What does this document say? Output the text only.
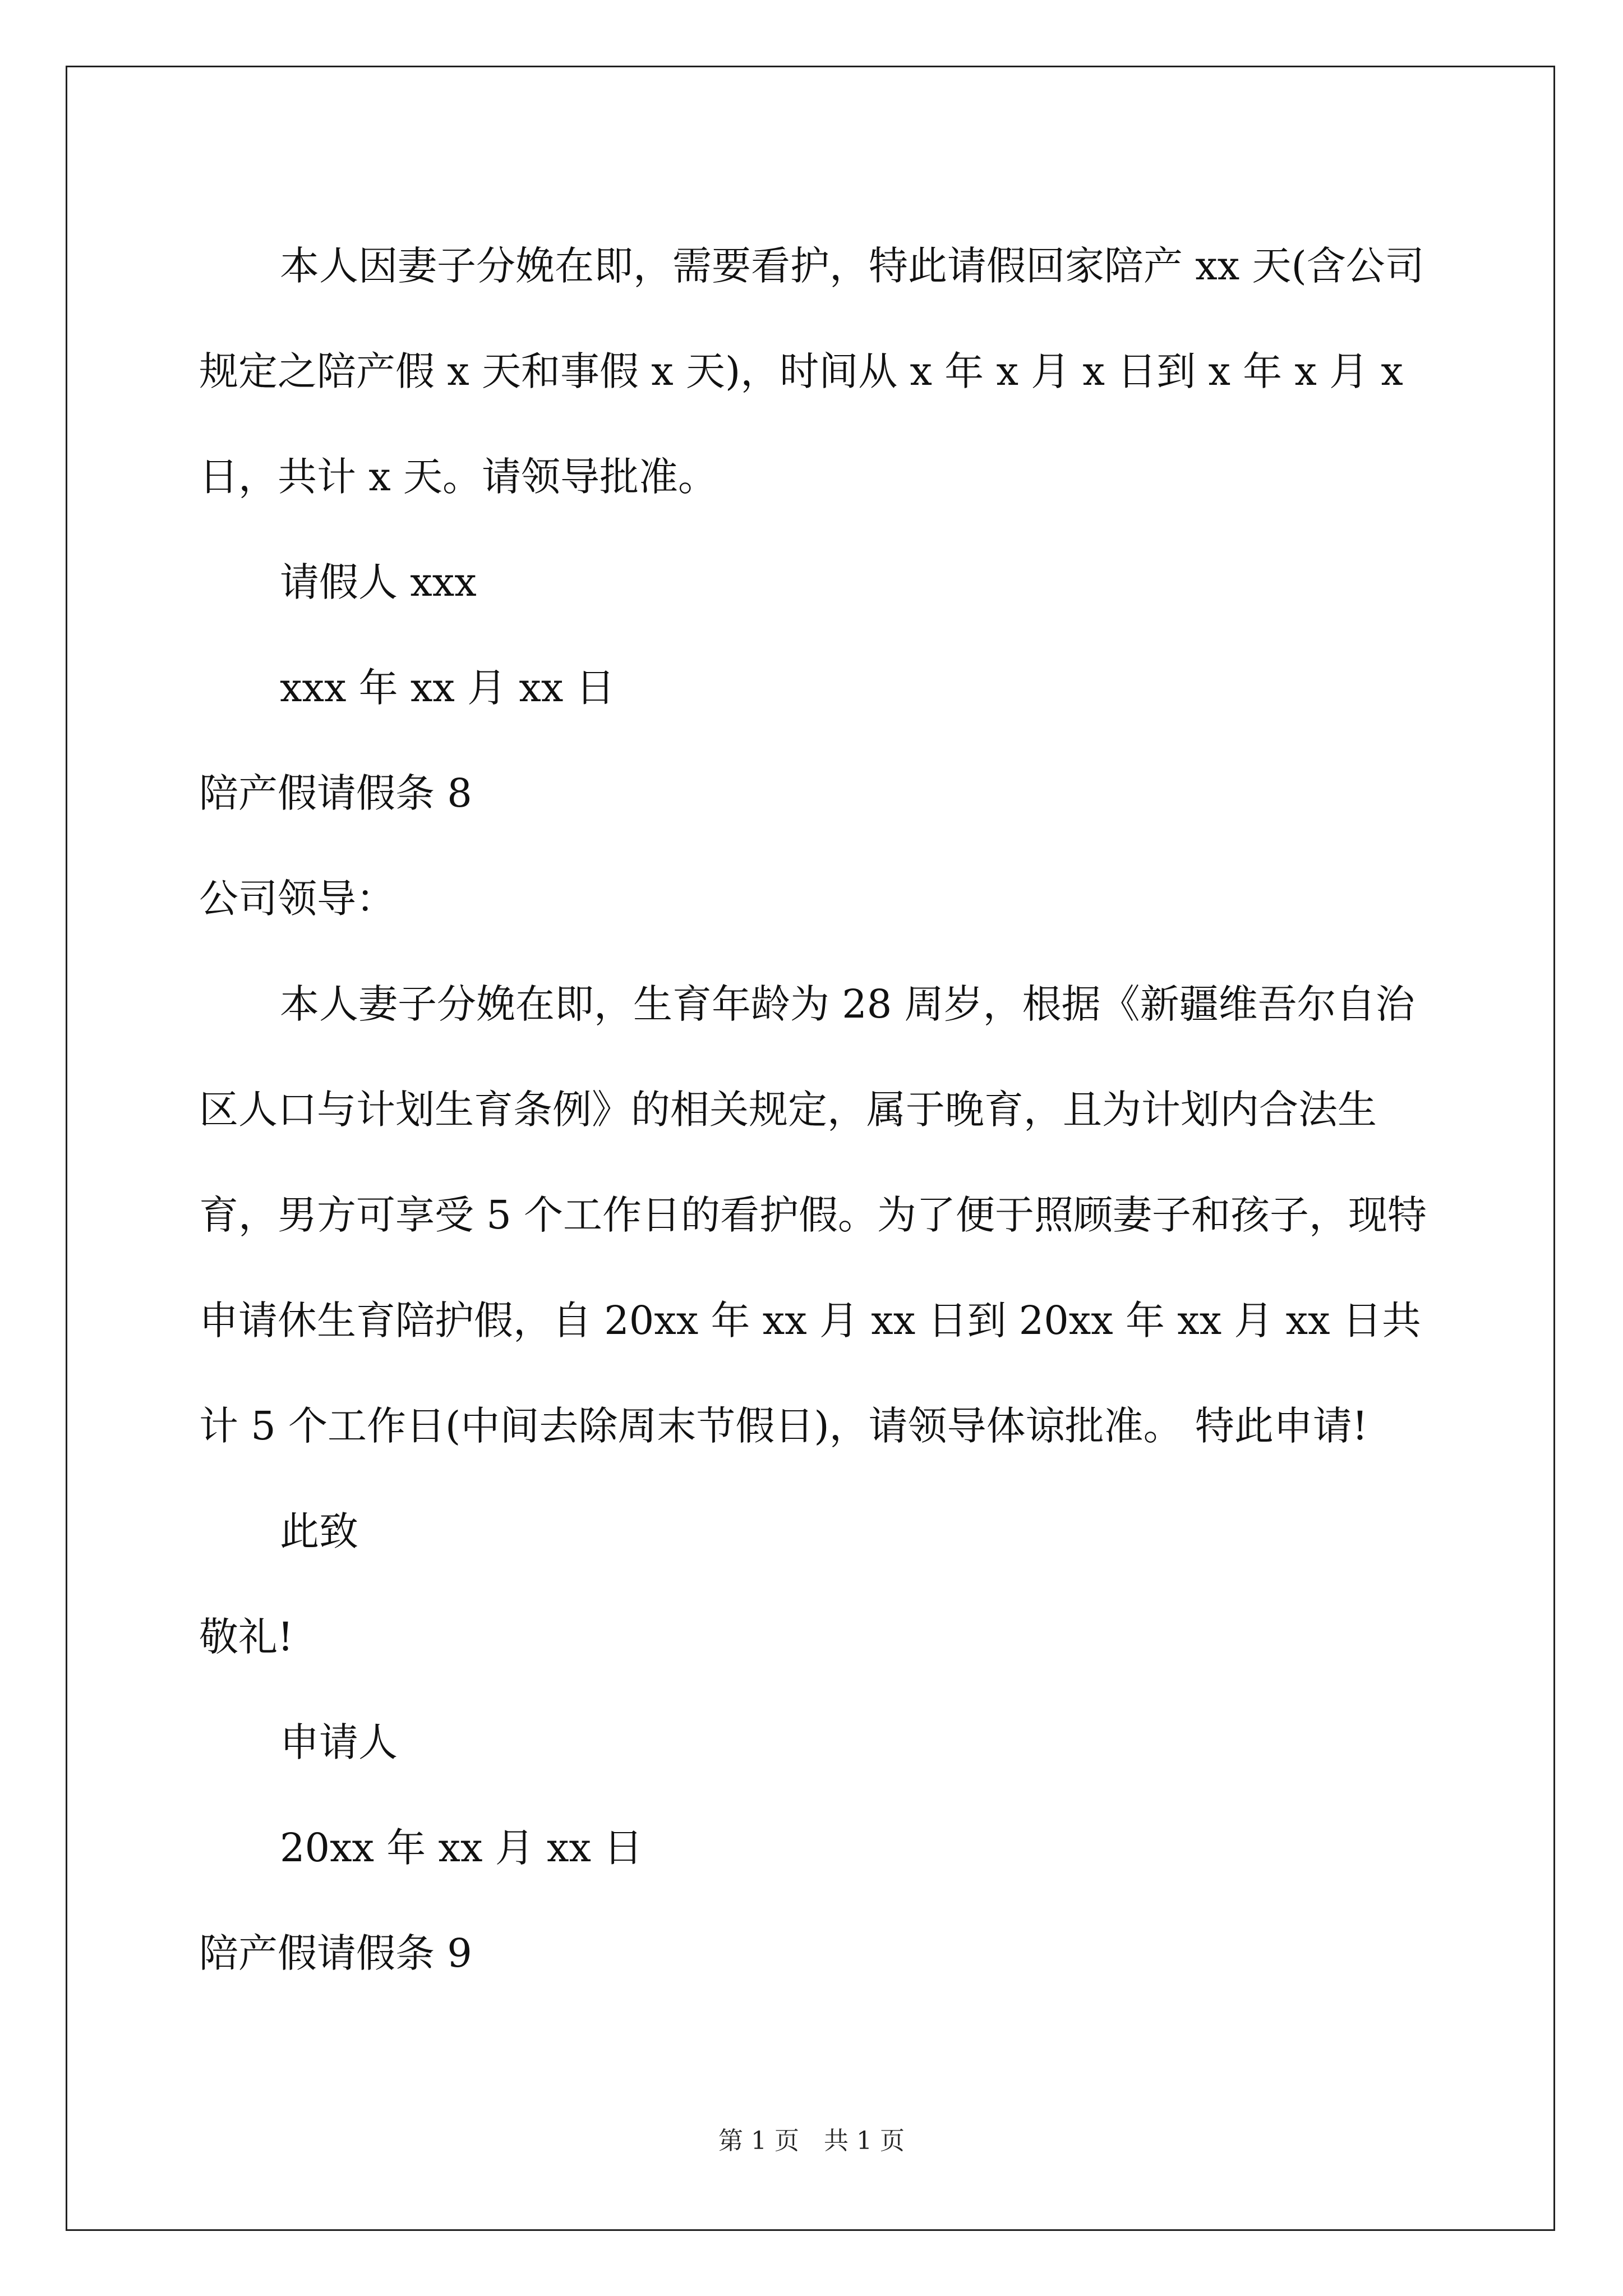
本人因妻子分娩在即，需要看护，特此请假回家陪产 xx 天(含公司规定之陪产假 x 天和事假 x 天)，时间从 x 年 x 月 x 日到 x 年 x 月 x 日，共计 x 天。请领导批准。

请假人 xxx

xxx 年 xx 月 xx 日

陪产假请假条 8

公司领导：

本人妻子分娩在即，生育年龄为 28 周岁，根据《新疆维吾尔自治区人口与计划生育条例》的相关规定，属于晚育，且为计划内合法生育，男方可享受 5 个工作日的看护假。为了便于照顾妻子和孩子，现特申请休生育陪护假，自 20xx 年 xx 月 xx 日到 20xx 年 xx 月 xx 日共计 5 个工作日(中间去除周末节假日)，请领导体谅批准。 特此申请!

此致

敬礼!

申请人

20xx 年 xx 月 xx 日

陪产假请假条 9

第 1 页　共 1 页
